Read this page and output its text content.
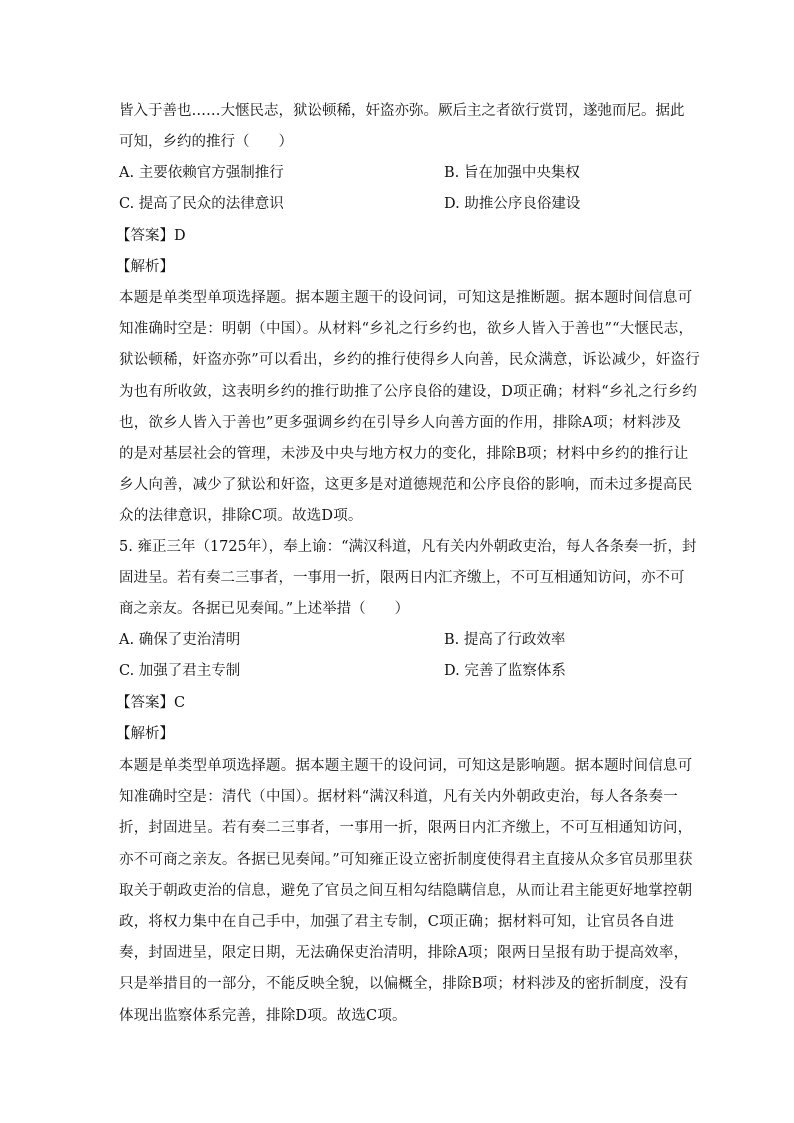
皆入于善也……大惬民志，狱讼顿稀，奸盗亦弥。厥后主之者欲行赏罚，遂弛而尼。据此
可知，乡约的推行（　　）
A. 主要依赖官方强制推行	B. 旨在加强中央集权
C. 提高了民众的法律意识	D. 助推公序良俗建设
【答案】D
【解析】
本题是单类型单项选择题。据本题主题干的设问词，可知这是推断题。据本题时间信息可
知准确时空是：明朝（中国）。从材料“乡礼之行乡约也，欲乡人皆入于善也”“大惬民志，
狱讼顿稀，奸盗亦弥”可以看出，乡约的推行使得乡人向善，民众满意，诉讼减少，奸盗行
为也有所收敛，这表明乡约的推行助推了公序良俗的建设，D项正确；材料“乡礼之行乡约
也，欲乡人皆入于善也”更多强调乡约在引导乡人向善方面的作用，排除A项；材料涉及
的是对基层社会的管理，未涉及中央与地方权力的变化，排除B项；材料中乡约的推行让
乡人向善，减少了狱讼和奸盗，这更多是对道德规范和公序良俗的影响，而未过多提高民
众的法律意识，排除C项。故选D项。
5. 雍正三年（1725年），奉上谕：“满汉科道，凡有关内外朝政吏治，每人各条奏一折，封
固进呈。若有奏二三事者，一事用一折，限两日内汇齐缴上，不可互相通知访问，亦不可
商之亲友。各据已见奏闻。”上述举措（　　）
A. 确保了吏治清明	B. 提高了行政效率
C. 加强了君主专制	D. 完善了监察体系
【答案】C
【解析】
本题是单类型单项选择题。据本题主题干的设问词，可知这是影响题。据本题时间信息可
知准确时空是：清代（中国）。据材料“满汉科道，凡有关内外朝政吏治，每人各条奏一
折，封固进呈。若有奏二三事者，一事用一折，限两日内汇齐缴上，不可互相通知访问，
亦不可商之亲友。各据已见奏闻。”可知雍正设立密折制度使得君主直接从众多官员那里获
取关于朝政吏治的信息，避免了官员之间互相勾结隐瞒信息，从而让君主能更好地掌控朝
政，将权力集中在自己手中，加强了君主专制，C项正确；据材料可知，让官员各自进
奏，封固进呈，限定日期，无法确保吏治清明，排除A项；限两日呈报有助于提高效率，
只是举措目的一部分，不能反映全貌，以偏概全，排除B项；材料涉及的密折制度，没有
体现出监察体系完善，排除D项。故选C项。
